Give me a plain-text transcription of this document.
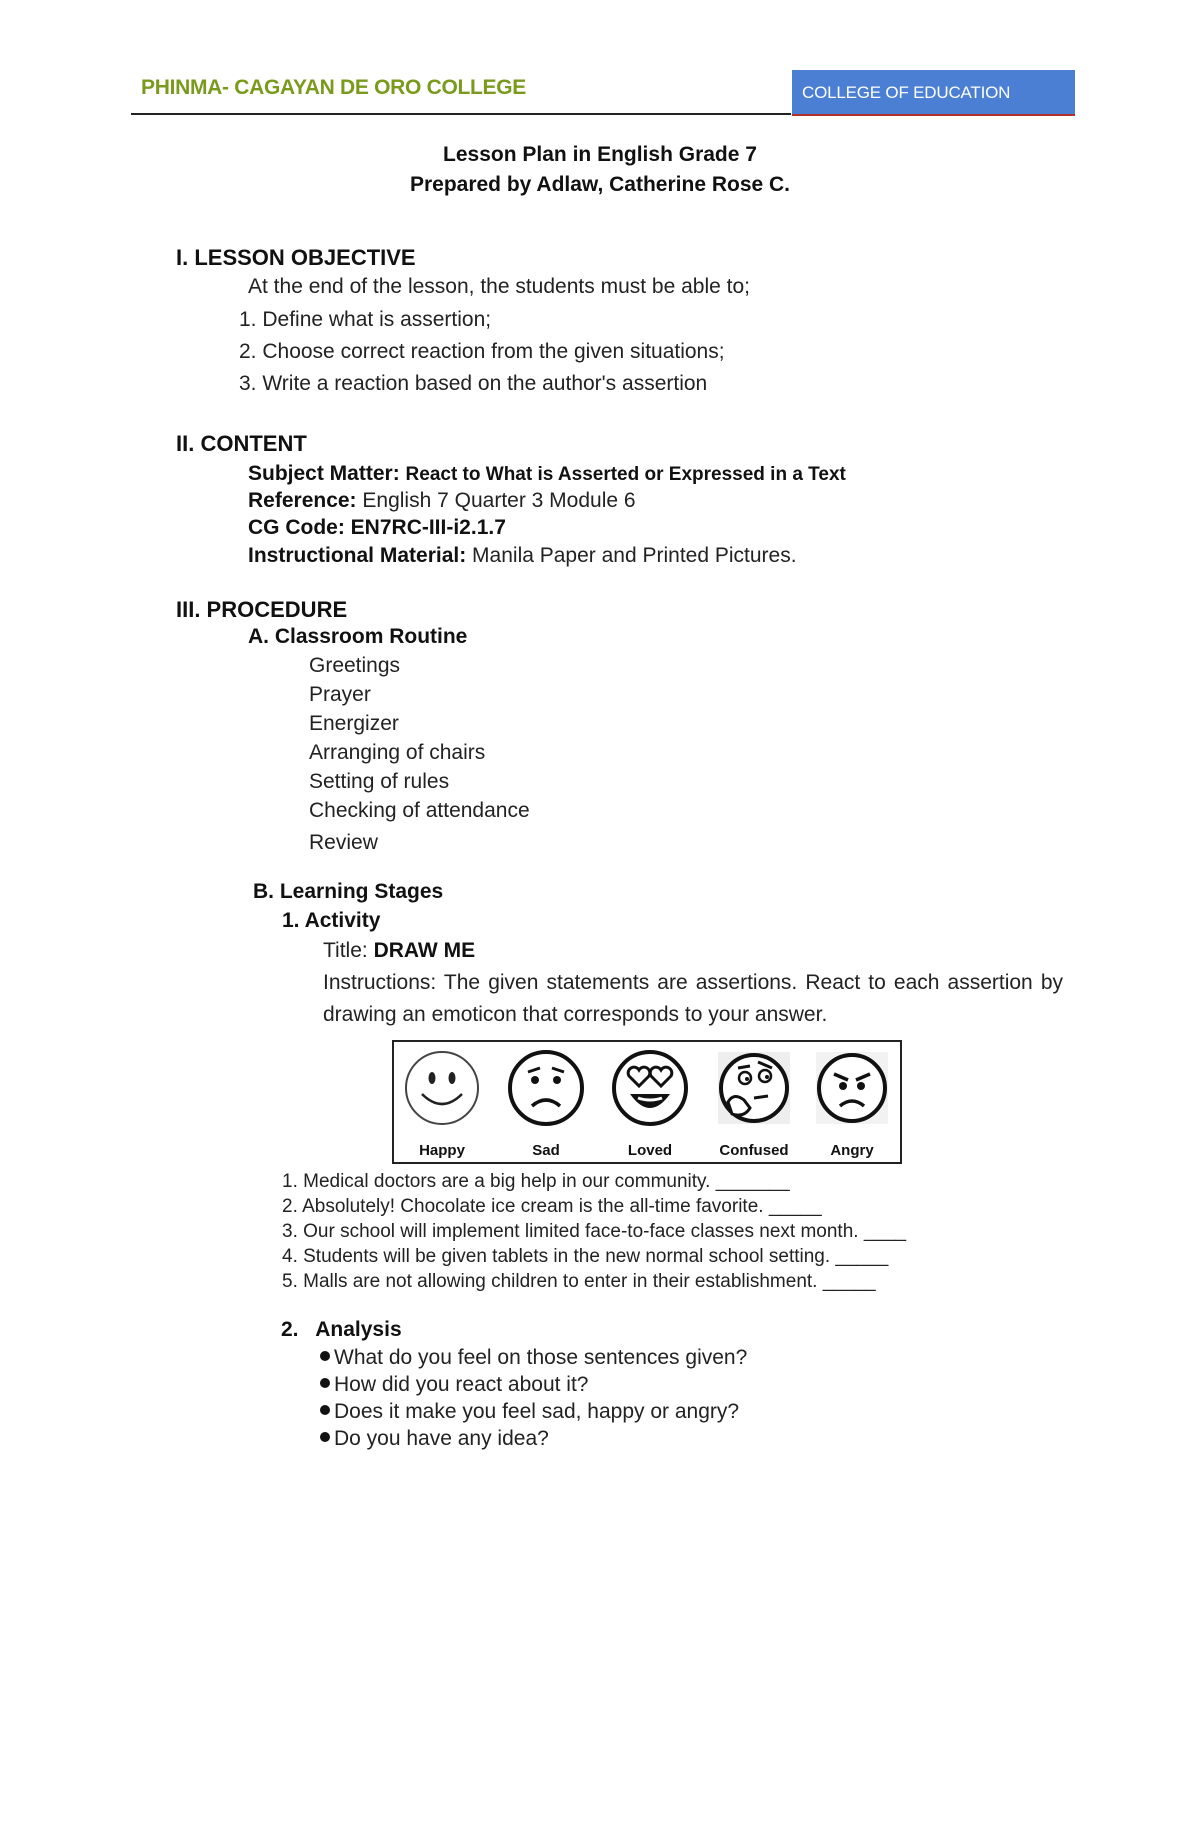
PHINMA- CAGAYAN DE ORO COLLEGE	COLLEGE OF EDUCATION
Lesson Plan in English Grade 7
Prepared by Adlaw, Catherine Rose C.
I. LESSON OBJECTIVE
At the end of the lesson, the students must be able to;
1. Define what is assertion;
2. Choose correct reaction from the given situations;
3. Write a reaction based on the author's assertion
II. CONTENT
Subject Matter: React to What is Asserted or Expressed in a Text
Reference: English 7 Quarter 3 Module 6
CG Code: EN7RC-III-i2.1.7
Instructional Material: Manila Paper and Printed Pictures.
III. PROCEDURE
A. Classroom Routine
Greetings
Prayer
Energizer
Arranging of chairs
Setting of rules
Checking of attendance
Review
B. Learning Stages
1. Activity
Title: DRAW ME
Instructions: The given statements are assertions. React to each assertion by drawing an emoticon that corresponds to your answer.
Happy	Sad	Loved	Confused	Angry
1. Medical doctors are a big help in our community. _______
2. Absolutely! Chocolate ice cream is the all-time favorite. _____
3. Our school will implement limited face-to-face classes next month. ____
4. Students will be given tablets in the new normal school setting. _____
5. Malls are not allowing children to enter in their establishment. _____
2.   Analysis
What do you feel on those sentences given?
How did you react about it?
Does it make you feel sad, happy or angry?
Do you have any idea?
